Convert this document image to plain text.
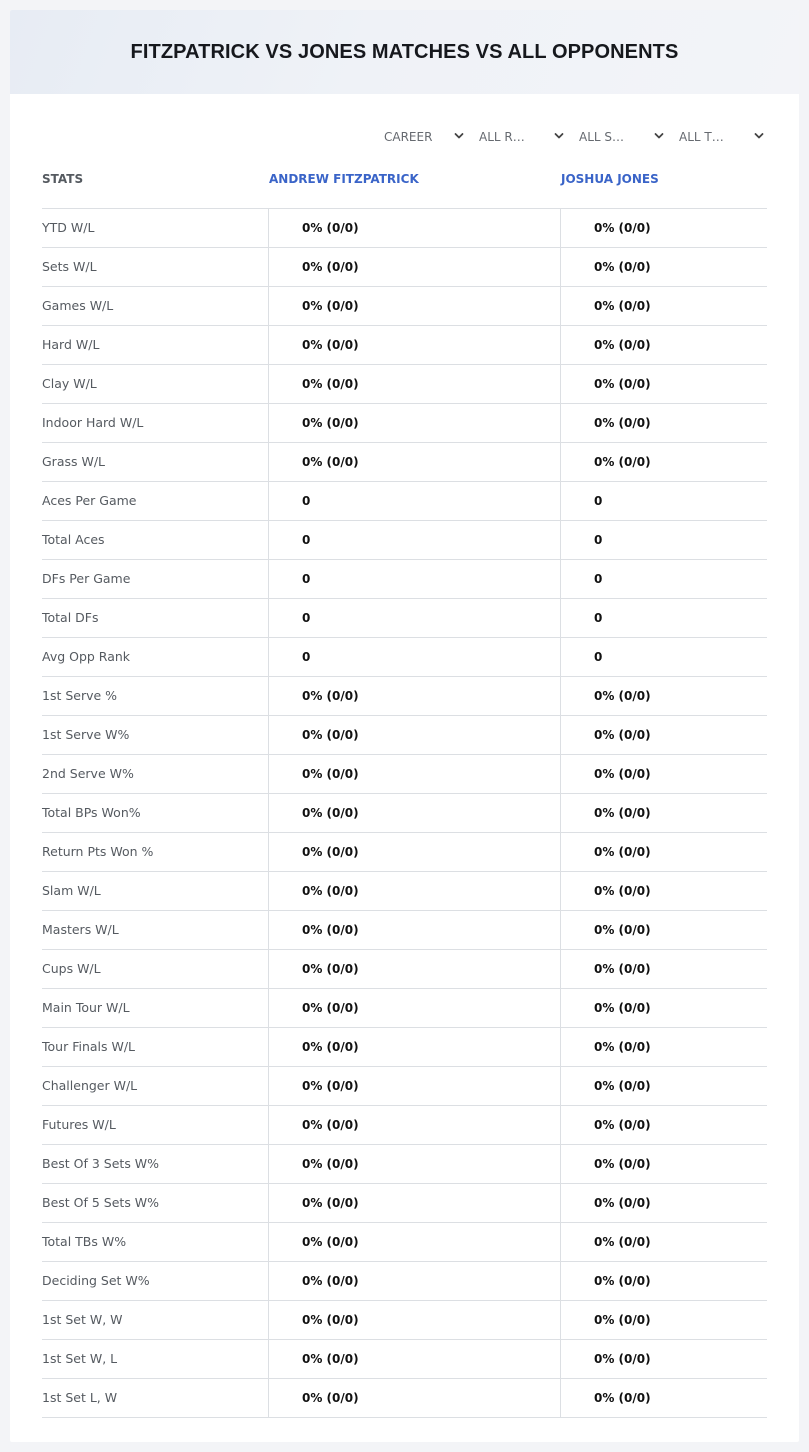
FITZPATRICK VS JONES MATCHES VS ALL OPPONENTS
CAREER	ALL R…	ALL S…	ALL T…
STATS	ANDREW FITZPATRICK	JOSHUA JONES
YTD W/L	0% (0/0)	0% (0/0)
Sets W/L	0% (0/0)	0% (0/0)
Games W/L	0% (0/0)	0% (0/0)
Hard W/L	0% (0/0)	0% (0/0)
Clay W/L	0% (0/0)	0% (0/0)
Indoor Hard W/L	0% (0/0)	0% (0/0)
Grass W/L	0% (0/0)	0% (0/0)
Aces Per Game	0	0
Total Aces	0	0
DFs Per Game	0	0
Total DFs	0	0
Avg Opp Rank	0	0
1st Serve %	0% (0/0)	0% (0/0)
1st Serve W%	0% (0/0)	0% (0/0)
2nd Serve W%	0% (0/0)	0% (0/0)
Total BPs Won%	0% (0/0)	0% (0/0)
Return Pts Won %	0% (0/0)	0% (0/0)
Slam W/L	0% (0/0)	0% (0/0)
Masters W/L	0% (0/0)	0% (0/0)
Cups W/L	0% (0/0)	0% (0/0)
Main Tour W/L	0% (0/0)	0% (0/0)
Tour Finals W/L	0% (0/0)	0% (0/0)
Challenger W/L	0% (0/0)	0% (0/0)
Futures W/L	0% (0/0)	0% (0/0)
Best Of 3 Sets W%	0% (0/0)	0% (0/0)
Best Of 5 Sets W%	0% (0/0)	0% (0/0)
Total TBs W%	0% (0/0)	0% (0/0)
Deciding Set W%	0% (0/0)	0% (0/0)
1st Set W, W	0% (0/0)	0% (0/0)
1st Set W, L	0% (0/0)	0% (0/0)
1st Set L, W	0% (0/0)	0% (0/0)
